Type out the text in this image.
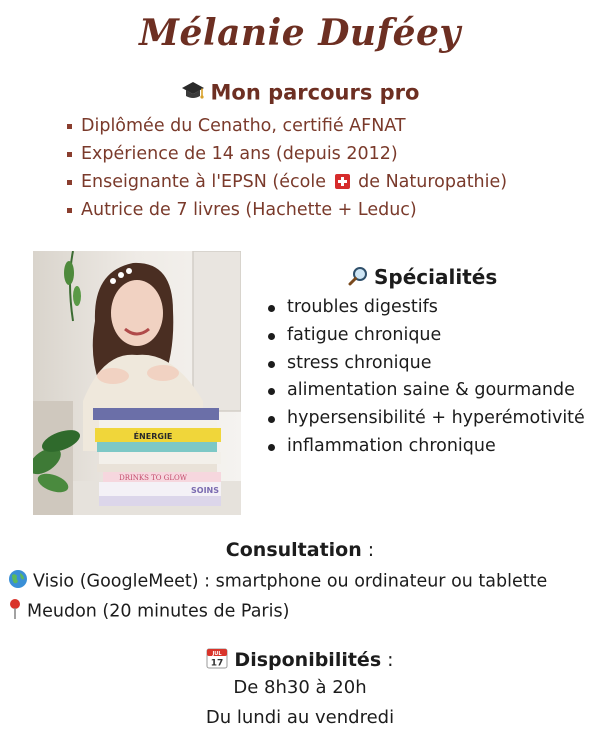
Mélanie Duféey
Mon parcours pro
Diplômée du Cenatho, certifié AFNAT
Expérience de 14 ans (depuis 2012)
Enseignante à l'EPSN (école de Naturopathie)
Autrice de 7 livres (Hachette + Leduc)
ÉNERGIE
DRINKS TO GLOW
SOINS
Spécialités
troubles digestifs
fatigue chronique
stress chronique
alimentation saine & gourmande
hypersensibilité + hyperémotivité
inflammation chronique
Consultation :
Visio (GoogleMeet) : smartphone ou ordinateur ou tablette
Meudon (20 minutes de Paris)
JUL
17 Disponibilités :
De 8h30 à 20h
Du lundi au vendredi
